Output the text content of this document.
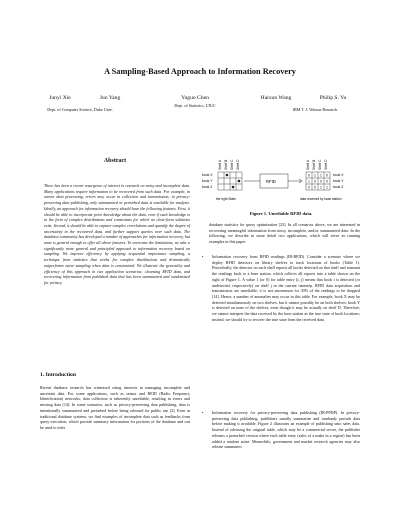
A Sampling-Based Approach to Information Recovery
Junyi Xie	Jun Yang
Dept. of Computer Science, Duke Univ.
Yuguo Chen
Dept. of Statistics, UIUC
Haixun Wang	Philip S. Yu
IBM T. J. Watson Research
Abstract

There has been a recent resurgence of interest in research on noisy and incomplete data. Many applications require information to be recovered from such data. For example, in sensor data processing, errors may occur in collection and transmission; in privacy-preserving data publishing, only summarized or perturbed data is available for analysis. Ideally, an approach for information recovery should have the following features. First, it should be able to incorporate prior knowledge about the data, even if such knowledge is in the form of complex distributions and constraints for which no close-form solutions exist. Second, it should be able to capture complex correlations and quantify the degree of uncertainty in the recovered data, and further support queries over such data. The database community has developed a number of approaches for information recovery, but none is general enough to offer all above features. To overcome the limitations, we take a significantly more general and principled approach to information recovery based on sampling. We improve efficiency by applying sequential importance sampling, a technique from statistics that works for complex distributions and dramatically outperforms naive sampling when data is constrained. We illustrate the generality and efficiency of this approach in two application scenarios: cleansing RFID data, and recovering information from published data that has been summarized and randomized for privacy.

1. Introduction

Recent database research has witnessed rising interests in managing incomplete and uncertain data. For some applications, such as sensor and RFID (Radio Frequency Identification) networks, data collection is inherently unreliable, resulting in errors and missing data [14]. In some scenarios, such as privacy-preserving data publishing, data is intentionally summarized and perturbed before being released for public use [2]. Even in traditional database systems, we find examples of incomplete data such as feedbacks from query execution, which provide summary information for portions of the database and can be used to infer

Shelf A Shelf B Shelf C Shelf D
book X
book Y
book Z
the right State
RFID
Shelf A Shelf B Shelf C Shelf D
0 1 1 0
1 0 0 0
0 0 1 1
book X
book Y
book Z
data received by base station
Figure 1. Unreliable RFID data.

database statistics for query optimization [23]. In all scenarios above, we are interested in recovering meaningful information from noisy, incomplete, and/or summarized data. In the following, we describe in more detail two applications, which will serve as running examples in this paper.

• Information recovery from RFID readings (IR-RFID). Consider a scenario where we deploy RFID detectors on library shelves to track locations of books (Table 1). Periodically, the detector on each shelf reports all books detected on that shelf and transmit the readings back to a base station, which collects all reports into a table shown on the right of Figure 1. A value 1 (or 0) for table entry (i, j) means that book i is detected (or undetected, respectively) on shelf j in the current timestep. RFID data acquisition and transmission are unreliable; it is not uncommon for 30% of the readings to be dropped [14]. Hence, a number of anomalies may occur in this table. For example, book X may be detected simultaneously on two shelves, but it cannot possibly be on both shelves; book Y is detected on none of the shelves, even though it may be actually on shelf D. Therefore, we cannot interpret the data received by the base station as the true state of book locations; instead, we should try to recover the true state from the received data.

• Information recovery for privacy-preserving data publishing (IR-PPDP). In privacy-preserving data publishing, publishers usually summarize and randomly perturb data before making it available. Figure 2 illustrates an example of publishing unto sales data. Instead of releasing the original table, which may be a commercial secret, the publisher releases a perturbed version where each table entry (sales of a make in a region) has been added a random noise. Meanwhile, government and market research agencies may also release summaries
